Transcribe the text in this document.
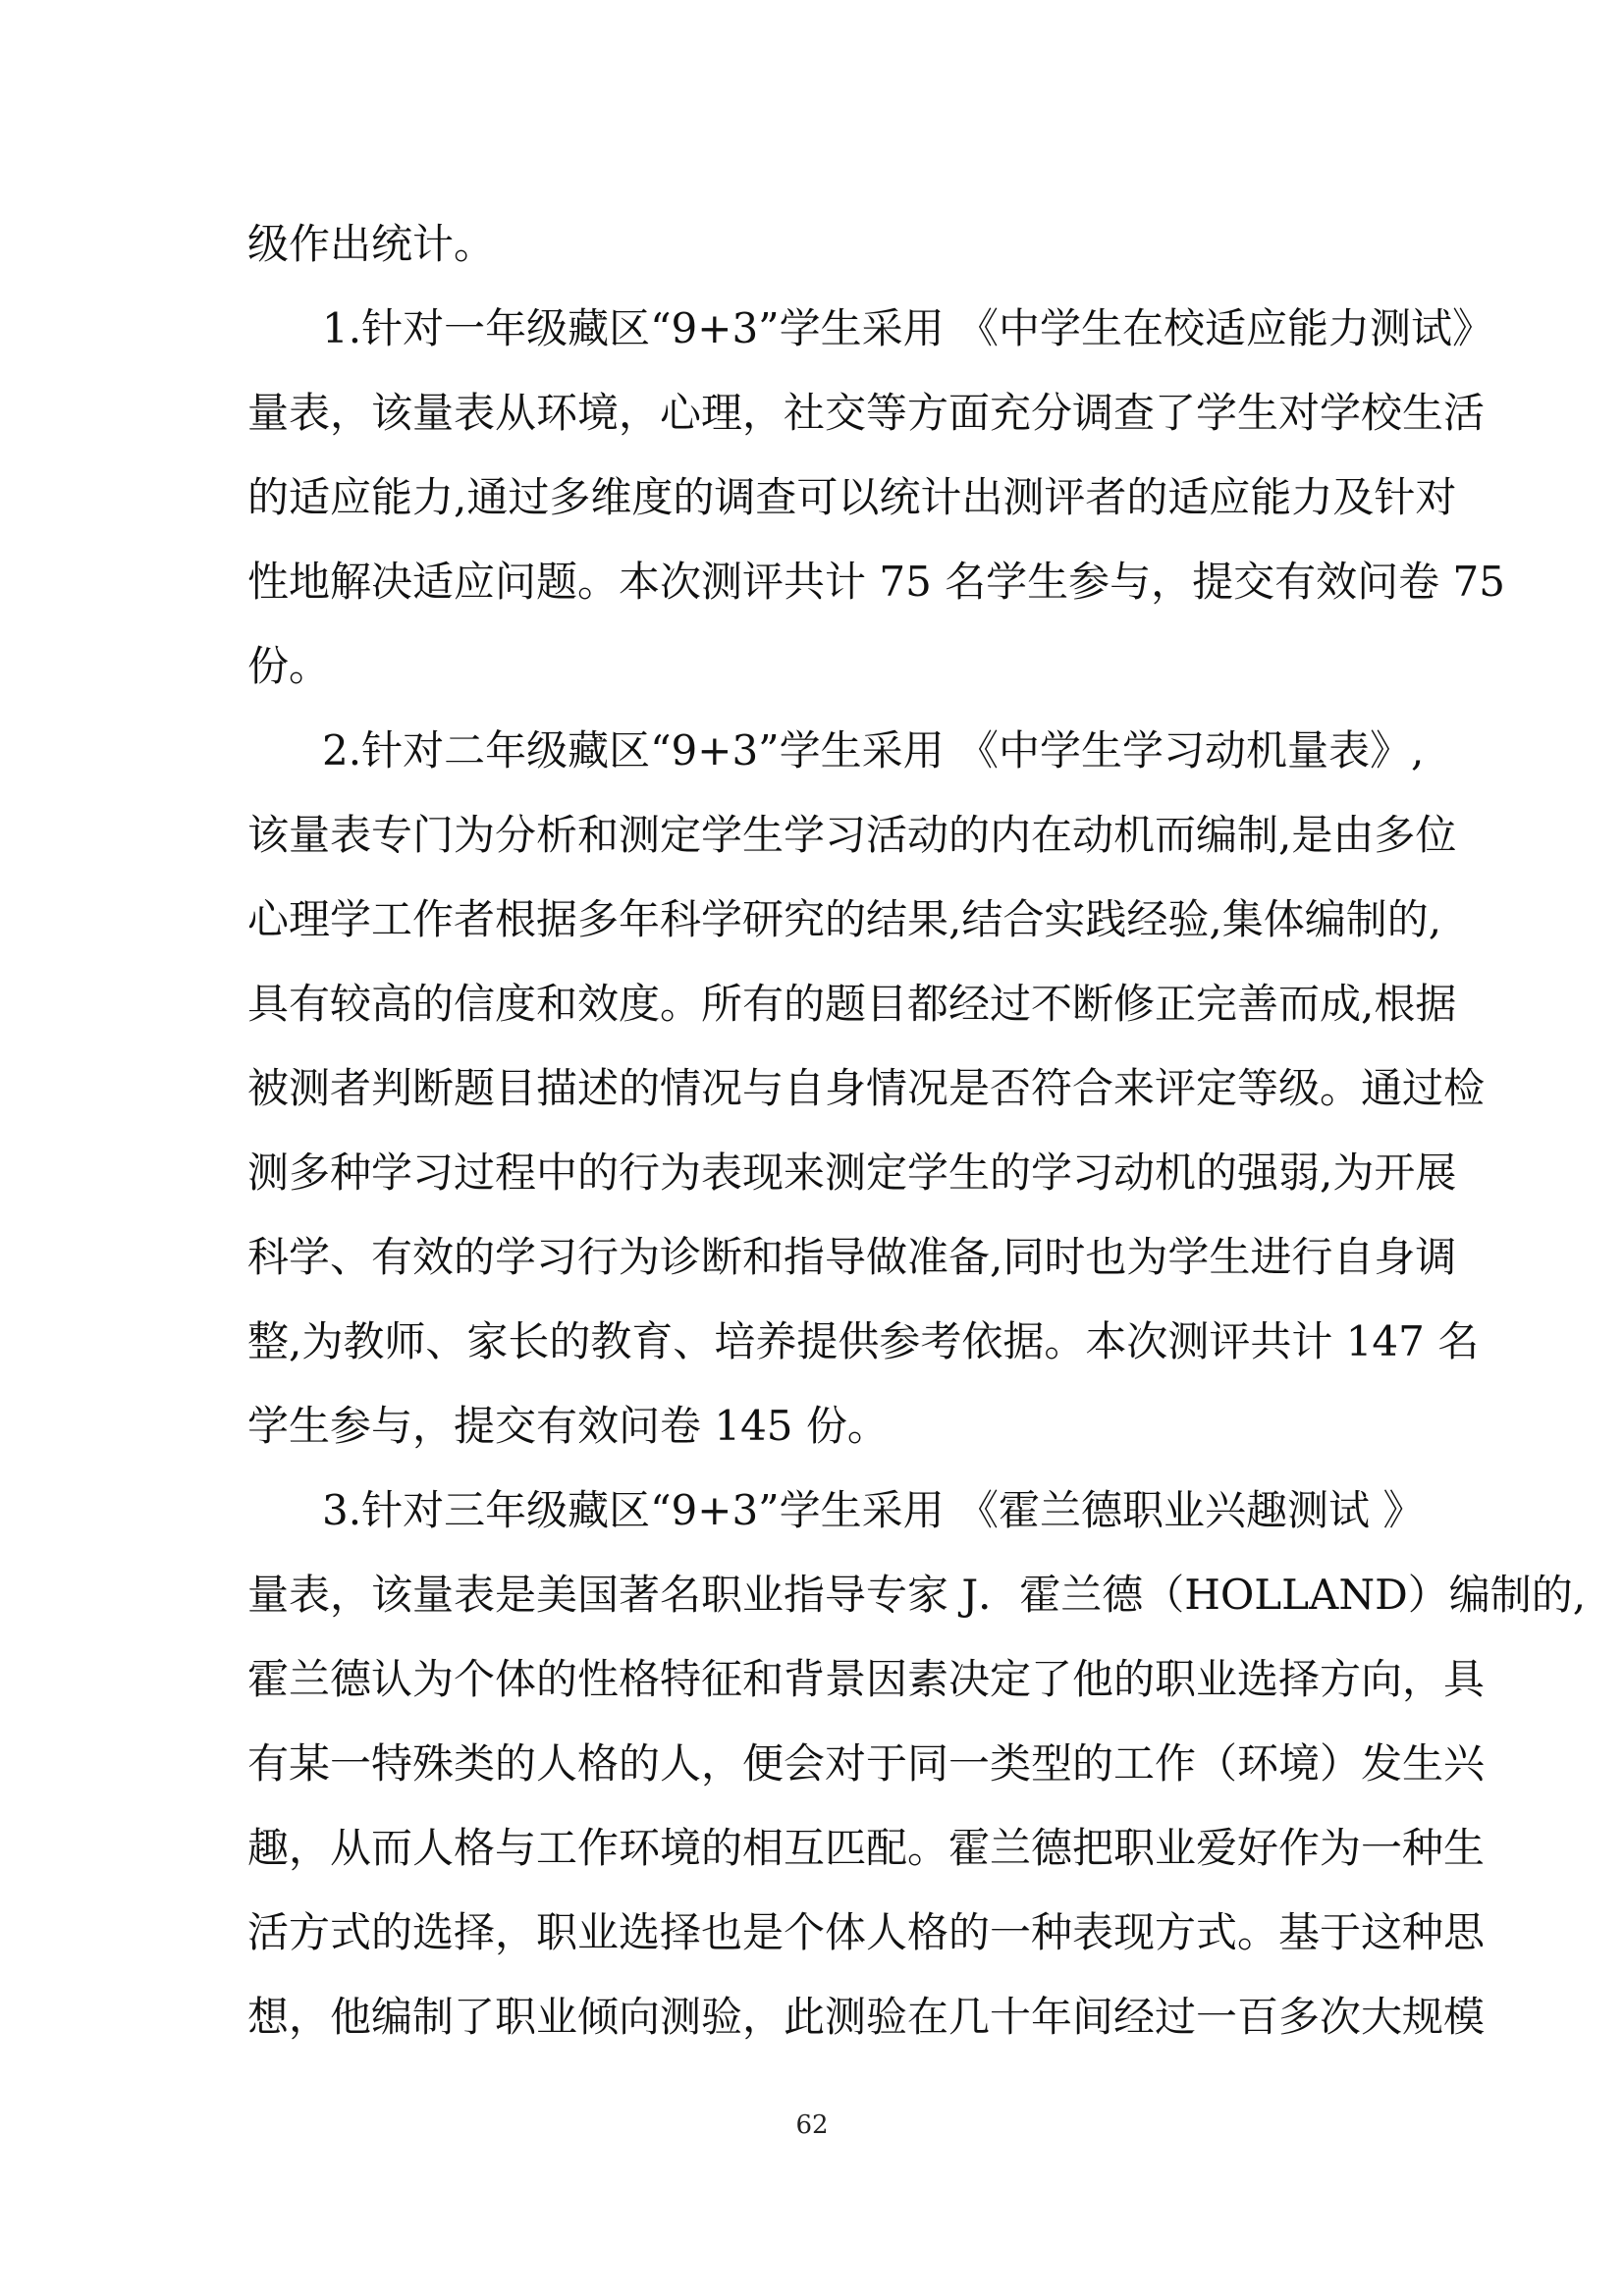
级作出统计。
1.针对一年级藏区“9+3”学生采用 《中学生在校适应能力测试》
量表，该量表从环境，心理，社交等方面充分调查了学生对学校生活
的适应能力,通过多维度的调查可以统计出测评者的适应能力及针对
性地解决适应问题。本次测评共计 75 名学生参与，提交有效问卷 75
份。
2.针对二年级藏区“9+3”学生采用 《中学生学习动机量表》,
该量表专门为分析和测定学生学习活动的内在动机而编制,是由多位
心理学工作者根据多年科学研究的结果,结合实践经验,集体编制的,
具有较高的信度和效度。所有的题目都经过不断修正完善而成,根据
被测者判断题目描述的情况与自身情况是否符合来评定等级。通过检
测多种学习过程中的行为表现来测定学生的学习动机的强弱,为开展
科学、有效的学习行为诊断和指导做准备,同时也为学生进行自身调
整,为教师、家长的教育、培养提供参考依据。本次测评共计 147 名
学生参与，提交有效问卷 145 份。
3.针对三年级藏区“9+3”学生采用 《霍兰德职业兴趣测试 》
量表，该量表是美国著名职业指导专家 J．霍兰德（HOLLAND）编制的,
霍兰德认为个体的性格特征和背景因素决定了他的职业选择方向，具
有某一特殊类的人格的人，便会对于同一类型的工作（环境）发生兴
趣，从而人格与工作环境的相互匹配。霍兰德把职业爱好作为一种生
活方式的选择，职业选择也是个体人格的一种表现方式。基于这种思
想，他编制了职业倾向测验，此测验在几十年间经过一百多次大规模
62
